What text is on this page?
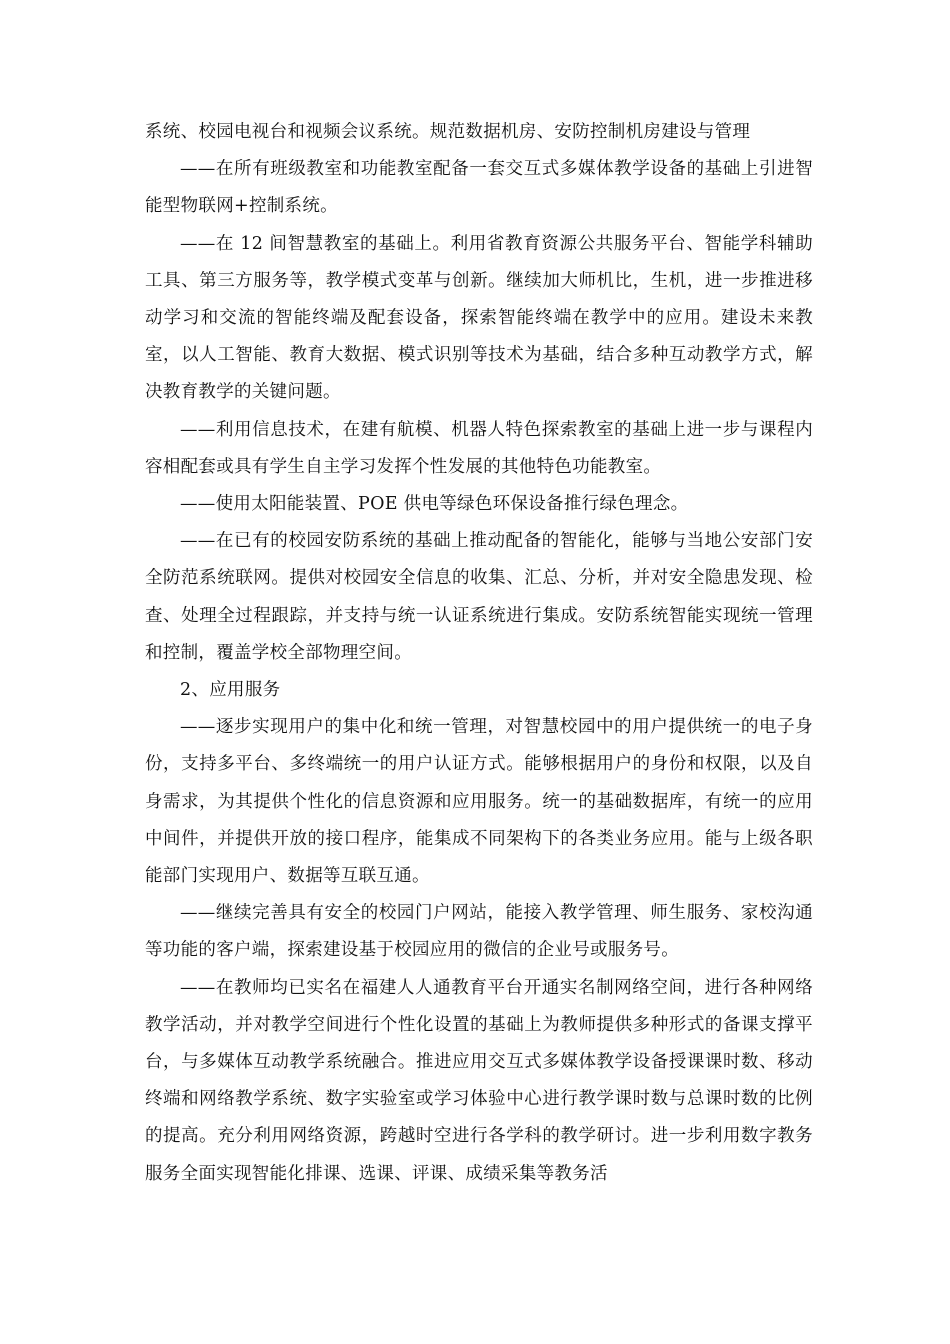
系统、校园电视台和视频会议系统。规范数据机房、安防控制机房建设与管理

——在所有班级教室和功能教室配备一套交互式多媒体教学设备的基础上引进智能型物联网+控制系统。

——在 12 间智慧教室的基础上。利用省教育资源公共服务平台、智能学科辅助工具、第三方服务等，教学模式变革与创新。继续加大师机比，生机，进一步推进移动学习和交流的智能终端及配套设备，探索智能终端在教学中的应用。建设未来教室，以人工智能、教育大数据、模式识别等技术为基础，结合多种互动教学方式，解决教育教学的关键问题。

——利用信息技术，在建有航模、机器人特色探索教室的基础上进一步与课程内容相配套或具有学生自主学习发挥个性发展的其他特色功能教室。

——使用太阳能装置、POE 供电等绿色环保设备推行绿色理念。

——在已有的校园安防系统的基础上推动配备的智能化，能够与当地公安部门安全防范系统联网。提供对校园安全信息的收集、汇总、分析，并对安全隐患发现、检查、处理全过程跟踪，并支持与统一认证系统进行集成。安防系统智能实现统一管理和控制，覆盖学校全部物理空间。

2、应用服务

——逐步实现用户的集中化和统一管理，对智慧校园中的用户提供统一的电子身份，支持多平台、多终端统一的用户认证方式。能够根据用户的身份和权限，以及自身需求，为其提供个性化的信息资源和应用服务。统一的基础数据库，有统一的应用中间件，并提供开放的接口程序，能集成不同架构下的各类业务应用。能与上级各职能部门实现用户、数据等互联互通。

——继续完善具有安全的校园门户网站，能接入教学管理、师生服务、家校沟通等功能的客户端，探索建设基于校园应用的微信的企业号或服务号。

——在教师均已实名在福建人人通教育平台开通实名制网络空间，进行各种网络教学活动，并对教学空间进行个性化设置的基础上为教师提供多种形式的备课支撑平台，与多媒体互动教学系统融合。推进应用交互式多媒体教学设备授课课时数、移动终端和网络教学系统、数字实验室或学习体验中心进行教学课时数与总课时数的比例的提高。充分利用网络资源，跨越时空进行各学科的教学研讨。进一步利用数字教务服务全面实现智能化排课、选课、评课、成绩采集等教务活
